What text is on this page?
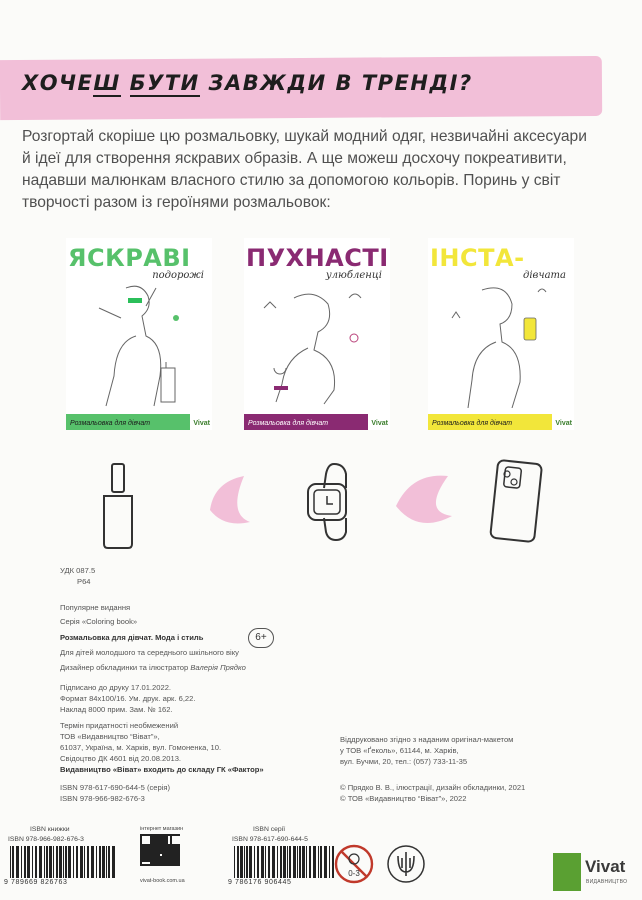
ХОЧЕШ БУТИ ЗАВЖДИ В ТРЕНДІ?
Розгортай скоріше цю розмальовку, шукай модний одяг, незвичайні аксесуари
й ідеї для створення яскравих образів. А ще можеш досхочу покреативити,
надавши малюнкам власного стилю за допомогою кольорів. Поринь у світ
творчості разом із героїнями розмальовок:
ЯСКРАВІ
подорожі
Розмальовка для дівчат	Vivat
ПУХНАСТІ
улюбленці
Розмальовка для дівчат	Vivat
ІНСТА-
дівчата
Розмальовка для дівчат	Vivat
УДК 087.5
Р64
Популярне видання
Серія «Coloring book»
Розмальовка для дівчат. Мода і стиль	6+
Для дітей молодшого та середнього шкільного віку
Дизайнер обкладинки та ілюстратор Валерія Прядко
Підписано до друку 17.01.2022.
Формат 84х100/16. Ум. друк. арк. 6,22.
Наклад 8000 прим. Зам. № 162.
Термін придатності необмежений
ТОВ «Видавництво “Віват”»,
61037, Україна, м. Харків, вул. Гомоненка, 10.
Свідоцтво ДК 4601 від 20.08.2013.
Видавництво «Віват» входить до складу ГК «Фактор»
ISBN 978-617-690-644-5 (серія)
ISBN 978-966-982-676-3
Віддруковано згідно з наданим оригінал-макетом
у ТОВ «Ґеколь», 61144, м. Харків,
вул. Бучми, 20, тел.: (057) 733-11-35
© Прядко В. В., ілюстрації, дизайн обкладинки, 2021
© ТОВ «Видавництво “Віват”», 2022
ISBN книжки
ISBN 978-966-982-676-3
9 789669 826763
інтернет магазин
vivat-book.com.ua
ISBN серії
ISBN 978-617-690-644-5
9 786176 906445
0-3	Vivat
ВИДАВНИЦТВО
